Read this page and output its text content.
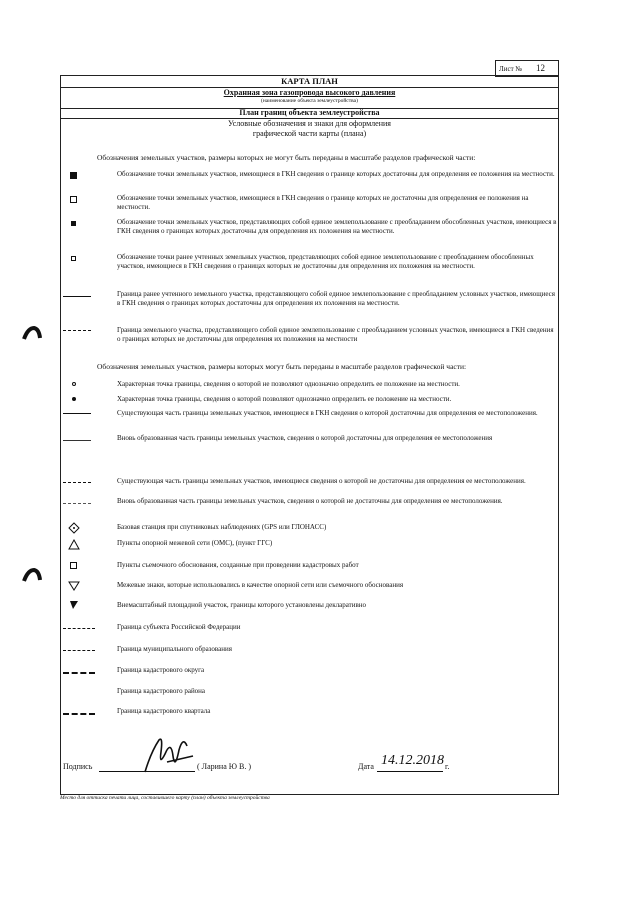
Лист № 12
КАРТА ПЛАН
Охранная зона газопровода высокого давления
(наименование объекта землеустройства)
План границ объекта землеустройства
Условные обозначения и знаки для оформления графической части карты (плана)
Обозначения земельных участков, размеры которых не могут быть переданы в масштабе разделов графической части:
Обозначение точки земельных участков, имеющиеся в ГКН сведения о границе которых достаточны для определения ее положения на местности.
Обозначение точки земельных участков, имеющиеся в ГКН сведения о границе которых не достаточны для определения ее положения на местности.
Обозначение точки земельных участков, представляющих собой единое землепользование с преобладанием обособленных участков, имеющиеся в ГКН сведения о границах которых достаточны для определения их положения на местности.
Обозначение точки ранее учтенных земельных участков, представляющих собой единое землепользование с преобладанием обособленных участков, имеющиеся в ГКН сведения о границах которых не достаточны для определения их положения на местности.
Граница ранее учтенного земельного участка, представляющего собой единое землепользование с преобладанием условных участков, имеющиеся в ГКН сведения о границах которых достаточны для определения их положения на местности.
Граница земельного участка, представляющего собой единое землепользование с преобладанием условных участков, имеющиеся в ГКН сведения о границах которых не достаточны для определения их положения на местности
Обозначения земельных участков, размеры которых могут быть переданы в масштабе разделов графической части:
Характерная точка границы, сведения о которой не позволяют однозначно определить ее положение на местности.
Характерная точка границы, сведения о которой позволяют однозначно определить ее положение на местности.
Существующая часть границы земельных участков, имеющиеся в ГКН сведения о которой достаточны для определения ее местоположения.
Вновь образованная часть границы земельных участков, сведения о которой достаточны для определения ее местоположения
Существующая часть границы земельных участков, имеющиеся сведения о которой не достаточны для определения ее местоположения.
Вновь образованная часть границы земельных участков, сведения о которой не достаточны для определения ее местоположения.
Базовая станция при спутниковых наблюдениях (GPS или ГЛОНАСС)
Пункты опорной межевой сети (ОМС), (пункт ГГС)
Пункты съемочного обоснования, созданные при проведении кадастровых работ
Межевые знаки, которые использовались в качестве опорной сети или съемочного обоснования
Внемасштабный площадной участок, границы которого установлены декларативно
Граница субъекта Российской Федерации
Граница муниципального образования
Граница кадастрового округа
Граница кадастрового района
Граница кадастрового квартала
Подпись	( Ларина Ю В. )	Дата 14.12.2018 г.
Место для оттиска печати лица, составившего карту (план) объекта землеустройства
